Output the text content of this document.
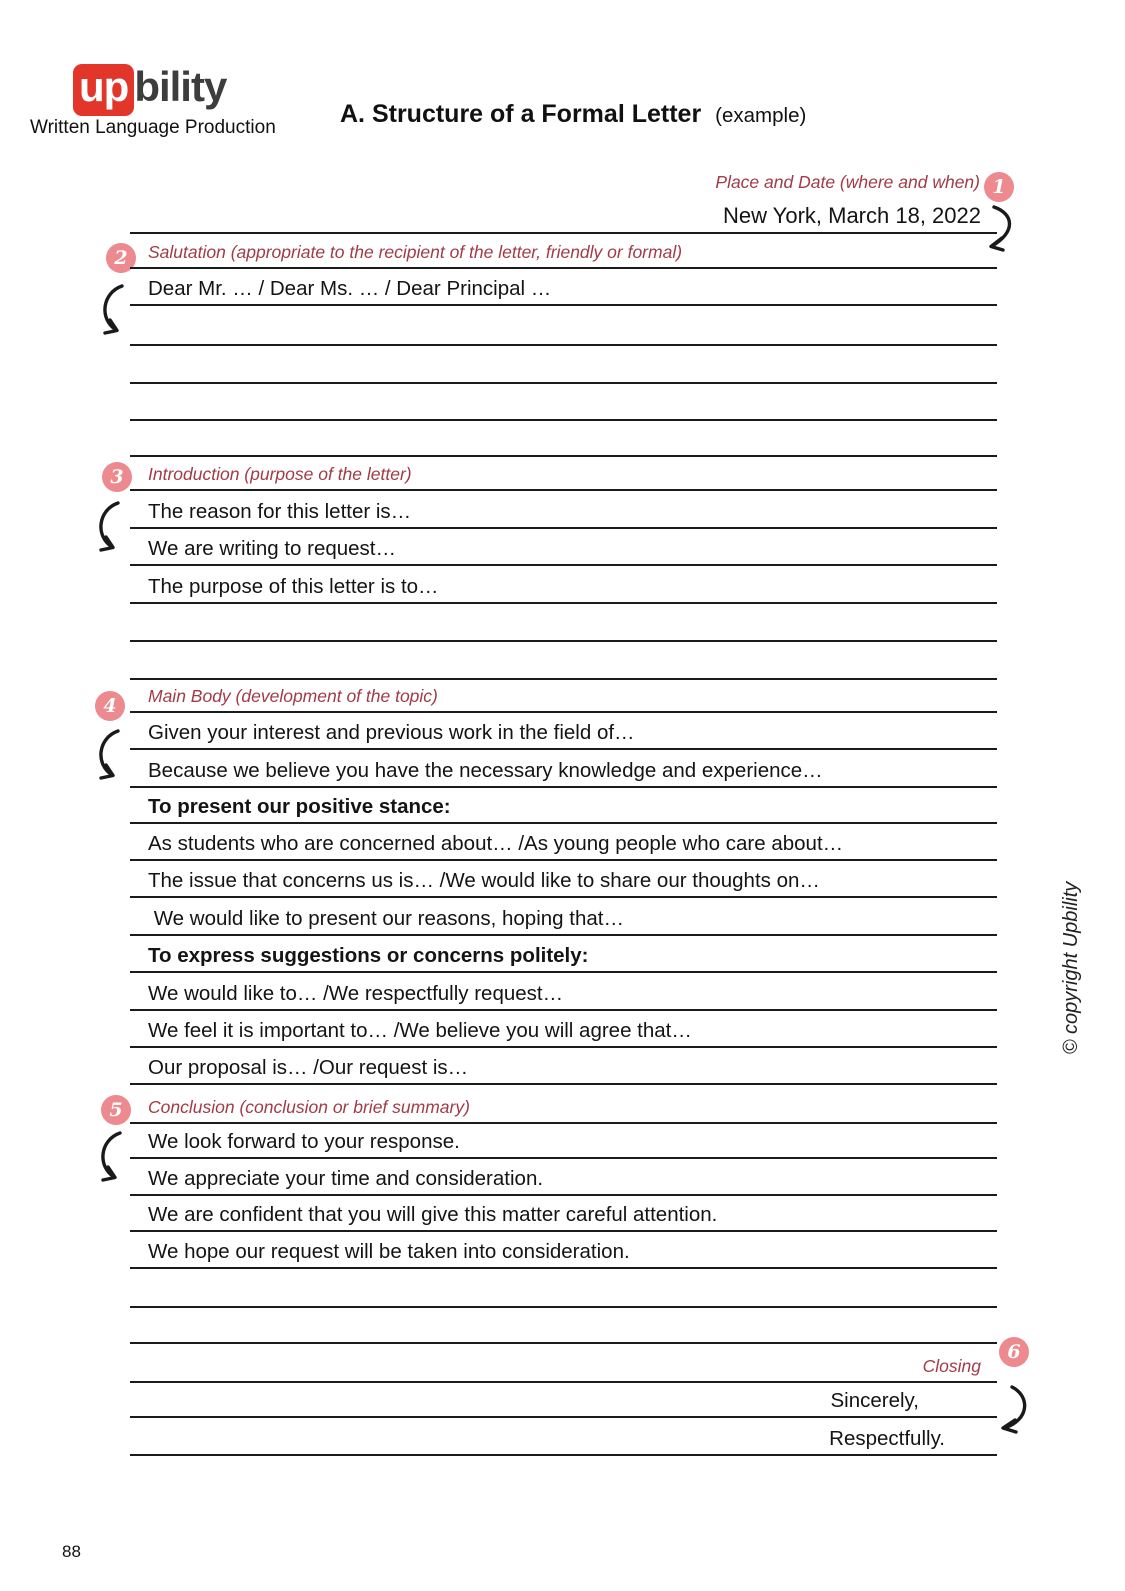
up bility
Written Language Production	A. Structure of a Formal Letter (example)
Place and Date (where and when) 1
New York, March 18, 2022
2	Salutation (appropriate to the recipient of the letter, friendly or formal)
Dear Mr. … / Dear Ms. … / Dear Principal …
3	Introduction (purpose of the letter)
The reason for this letter is…
We are writing to request…
The purpose of this letter is to…
4	Main Body (development of the topic)
Given your interest and previous work in the field of…
Because we believe you have the necessary knowledge and experience…
To present our positive stance:
As students who are concerned about… /As young people who care about…
The issue that concerns us is… /We would like to share our thoughts on…
We would like to present our reasons, hoping that…
To express suggestions or concerns politely:
We would like to… /We respectfully request…
We feel it is important to… /We believe you will agree that…
Our proposal is… /Our request is…
5	Conclusion (conclusion or brief summary)
We look forward to your response.
We appreciate your time and consideration.
We are confident that you will give this matter careful attention.
We hope our request will be taken into consideration.
Closing
6
Sincerely,
Respectfully.
© copyright Upbility
88
